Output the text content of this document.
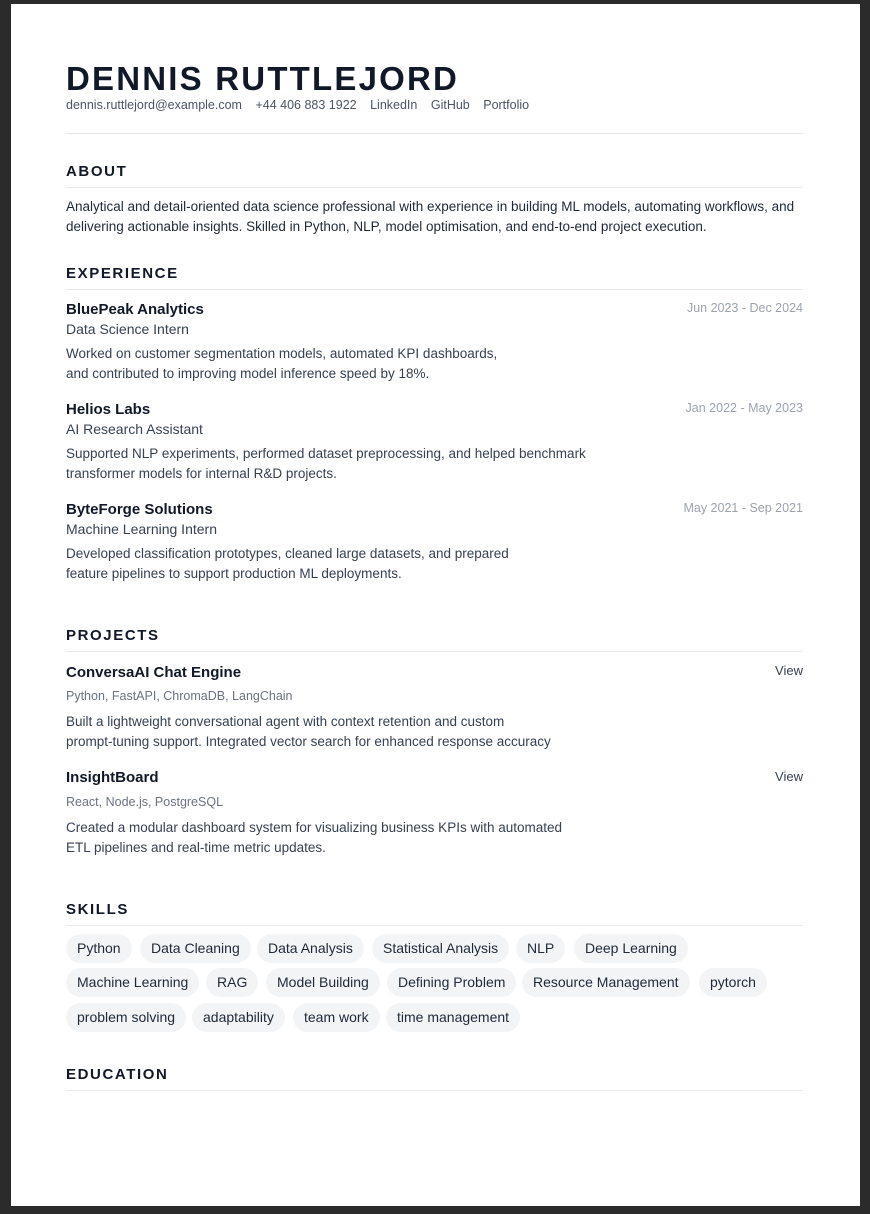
DENNIS RUTTLEJORD
dennis.ruttlejord@example.com +44 406 883 1922 LinkedIn GitHub Portfolio
ABOUT

Analytical and detail-oriented data science professional with experience in building ML models, automating workflows, and delivering actionable insights. Skilled in Python, NLP, model optimisation, and end-to-end project execution.

EXPERIENCE
BluePeak Analytics	Jun 2023 - Dec 2024
Data Science Intern

Worked on customer segmentation models, automated KPI dashboards,
and contributed to improving model inference speed by 18%.

Helios Labs	Jan 2022 - May 2023
AI Research Assistant

Supported NLP experiments, performed dataset preprocessing, and helped benchmark
transformer models for internal R&D projects.

ByteForge Solutions	May 2021 - Sep 2021
Machine Learning Intern

Developed classification prototypes, cleaned large datasets, and prepared
feature pipelines to support production ML deployments.

PROJECTS
ConversaAI Chat Engine	View
Python, FastAPI, ChromaDB, LangChain

Built a lightweight conversational agent with context retention and custom
prompt-tuning support. Integrated vector search for enhanced response accuracy

InsightBoard	View
React, Node.js, PostgreSQL

Created a modular dashboard system for visualizing business KPIs with automated
ETL pipelines and real-time metric updates.

SKILLS
Python	Data Cleaning	Data Analysis	Statistical Analysis	NLP	Deep Learning
Machine Learning	RAG	Model Building	Defining Problem	Resource Management	pytorch
problem solving	adaptability	team work	time management
EDUCATION
